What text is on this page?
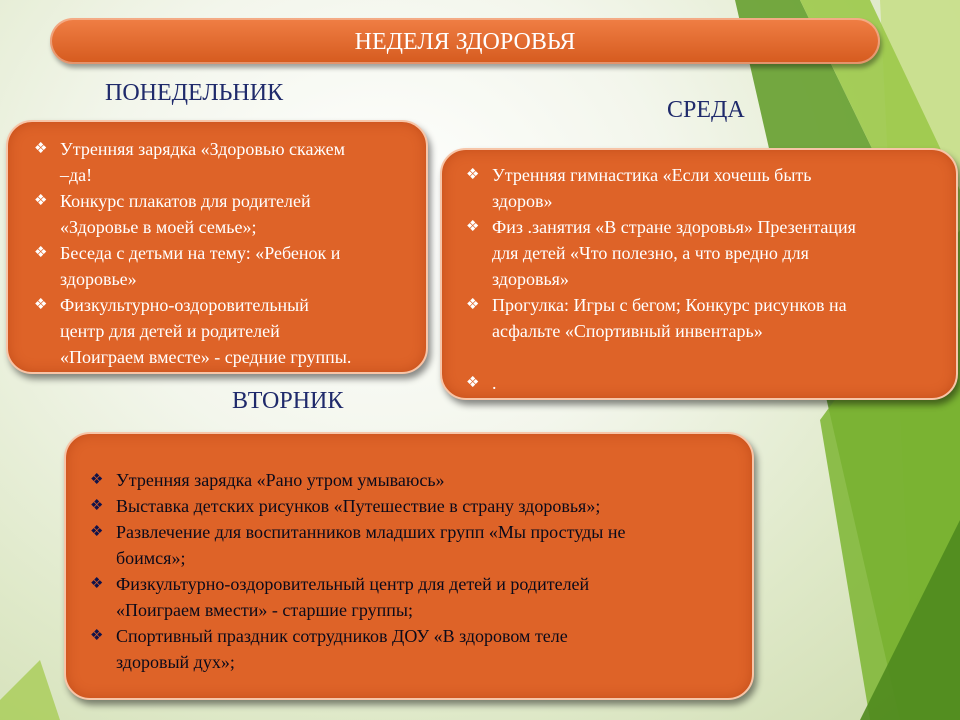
НЕДЕЛЯ ЗДОРОВЬЯ
ПОНЕДЕЛЬНИК
СРЕДА
ВТОРНИК
❖ Утренняя зарядка «Здоровью скажем
–да!
❖ Конкурс плакатов для родителей
«Здоровье в моей семье»;
❖ Беседа с детьми на тему: «Ребенок и
здоровье»
❖ Физкультурно-оздоровительный
центр для детей и родителей
«Поиграем вместе» - средние группы.
❖ Утренняя гимнастика «Если хочешь быть
здоров»
❖ Физ .занятия «В стране здоровья» Презентация
для детей «Что полезно, а что вредно для
здоровья»
❖ Прогулка: Игры с бегом; Конкурс рисунков на
асфальте «Спортивный инвентарь»
❖ .
❖ Утренняя зарядка «Рано утром умываюсь»
❖ Выставка детских рисунков «Путешествие в страну здоровья»;
❖ Развлечение для воспитанников младших групп «Мы простуды не
боимся»;
❖ Физкультурно-оздоровительный центр для детей и родителей
«Поиграем вмести» - старшие группы;
❖ Спортивный праздник сотрудников ДОУ «В здоровом теле
здоровый дух»;
